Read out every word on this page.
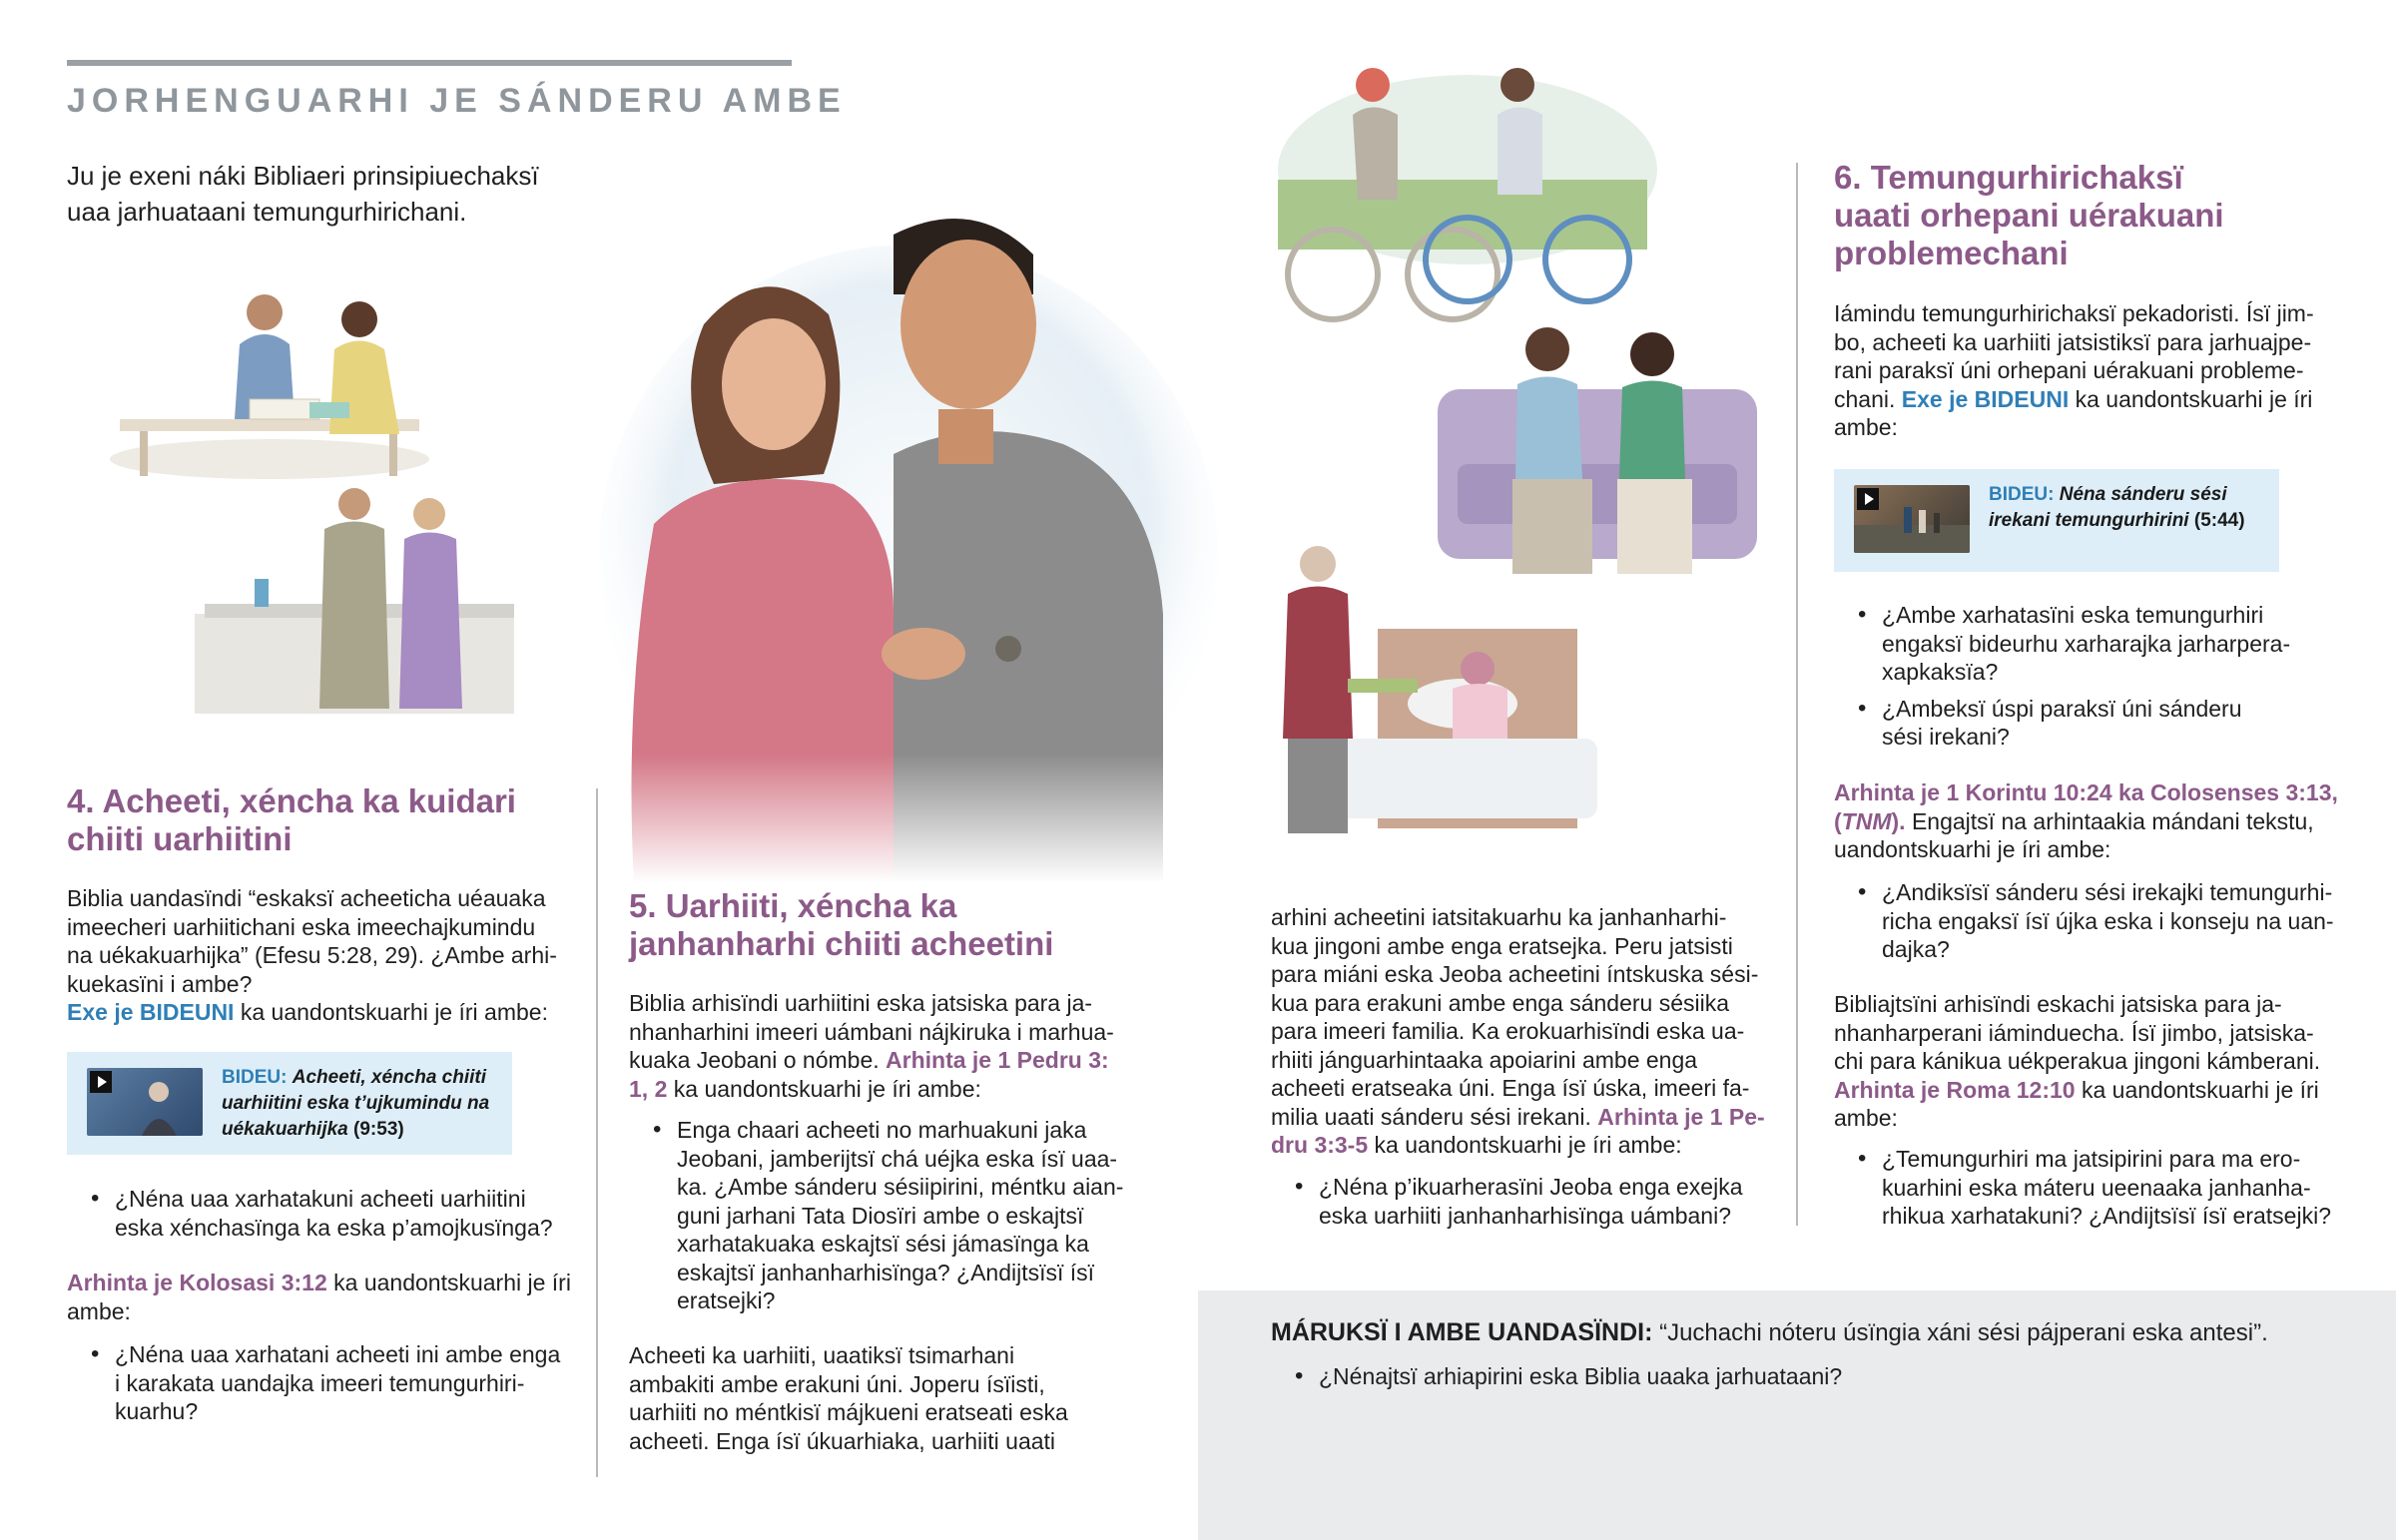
JORHENGUARHI JE SÁNDERU AMBE
Ju je exeni náki Bibliaeri prinsipiuechaksï
uaa jarhuataani temungurhirichani.
4. Acheeti, xéncha ka kuidari
chiiti uarhiitini
Biblia uandasïndi “eskaksï acheeticha uéauaka
imeecheri uarhiitichani eska imeechajkumindu
na uékakuarhijka” (Efesu 5:28, 29). ¿Ambe arhi-
kuekasïni i ambe?
Exe je BIDEUNI ka uandontskuarhi je íri ambe:
BIDEU: Acheeti, xéncha chiiti
uarhiitini eska t’ujkumindu na
uékakuarhijka (9:53)
• ¿Néna uaa xarhatakuni acheeti uarhiitini
eska xénchasïnga ka eska p’amojkusïnga?
Arhinta je Kolosasi 3:12 ka uandontskuarhi je íri
ambe:
• ¿Néna uaa xarhatani acheeti ini ambe enga
i karakata uandajka imeeri temungurhiri-
kuarhu?
5. Uarhiiti, xéncha ka
janhanharhi chiiti acheetini
Biblia arhisïndi uarhiitini eska jatsiska para ja-
nhanharhini imeeri uámbani nájkiruka i marhua-
kuaka Jeobani o nómbe. Arhinta je 1 Pedru 3:
1, 2 ka uandontskuarhi je íri ambe:
• Enga chaari acheeti no marhuakuni jaka
Jeobani, jamberijtsï chá uéjka eska ísï uaa-
ka. ¿Ambe sánderu sésiipirini, méntku aian-
guni jarhani Tata Diosïri ambe o eskajtsï
xarhatakuaka eskajtsï sési jámasïnga ka
eskajtsï janhanharhisïnga? ¿Andijtsïsï ísï
eratsejki?
Acheeti ka uarhiiti, uaatiksï tsimarhani
ambakiti ambe erakuni úni. Joperu ísïisti,
uarhiiti no méntkisï májkueni eratseati eska
acheeti. Enga ísï úkuarhiaka, uarhiiti uaati
arhini acheetini iatsitakuarhu ka janhanharhi-
kua jingoni ambe enga eratsejka. Peru jatsisti
para miáni eska Jeoba acheetini íntskuska sési-
kua para erakuni ambe enga sánderu sésiika
para imeeri familia. Ka erokuarhisïndi eska ua-
rhiiti jánguarhintaaka apoiarini ambe enga
acheeti eratseaka úni. Enga ísï úska, imeeri fa-
milia uaati sánderu sési irekani. Arhinta je 1 Pe-
dru 3:3-5 ka uandontskuarhi je íri ambe:
• ¿Néna p’ikuarherasïni Jeoba enga exejka
eska uarhiiti janhanharhisïnga uámbani?
6. Temungurhirichaksï
uaati orhepani uérakuani
problemechani
Iámindu temungurhirichaksï pekadoristi. Ísï jim-
bo, acheeti ka uarhiiti jatsistiksï para jarhuajpe-
rani paraksï úni orhepani uérakuani probleme-
chani. Exe je BIDEUNI ka uandontskuarhi je íri
ambe:
BIDEU: Néna sánderu sési
irekani temungurhirini (5:44)
• ¿Ambe xarhatasïni eska temungurhiri
engaksï bideurhu xarharajka jarharpera-
xapkaksïa?
• ¿Ambeksï úspi paraksï úni sánderu
sési irekani?
Arhinta je 1 Korintu 10:24 ka Colosenses 3:13,
(TNM). Engajtsï na arhintaakia mándani tekstu,
uandontskuarhi je íri ambe:
• ¿Andiksïsï sánderu sési irekajki temungurhi-
richa engaksï ísï újka eska i konseju na uan-
dajka?
Bibliajtsïni arhisïndi eskachi jatsiska para ja-
nhanharperani iáminduecha. Ísï jimbo, jatsiska-
chi para kánikua uékperakua jingoni kámberani.
Arhinta je Roma 12:10 ka uandontskuarhi je íri
ambe:
• ¿Temungurhiri ma jatsipirini para ma ero-
kuarhini eska máteru ueenaaka janhanha-
rhikua xarhatakuni? ¿Andijtsïsï ísï eratsejki?
MÁRUKSÏ I AMBE UANDASÏNDI: “Juchachi nóteru úsïngia xáni sési pájperani eska antesi”.
• ¿Nénajtsï arhiapirini eska Biblia uaaka jarhuataani?
